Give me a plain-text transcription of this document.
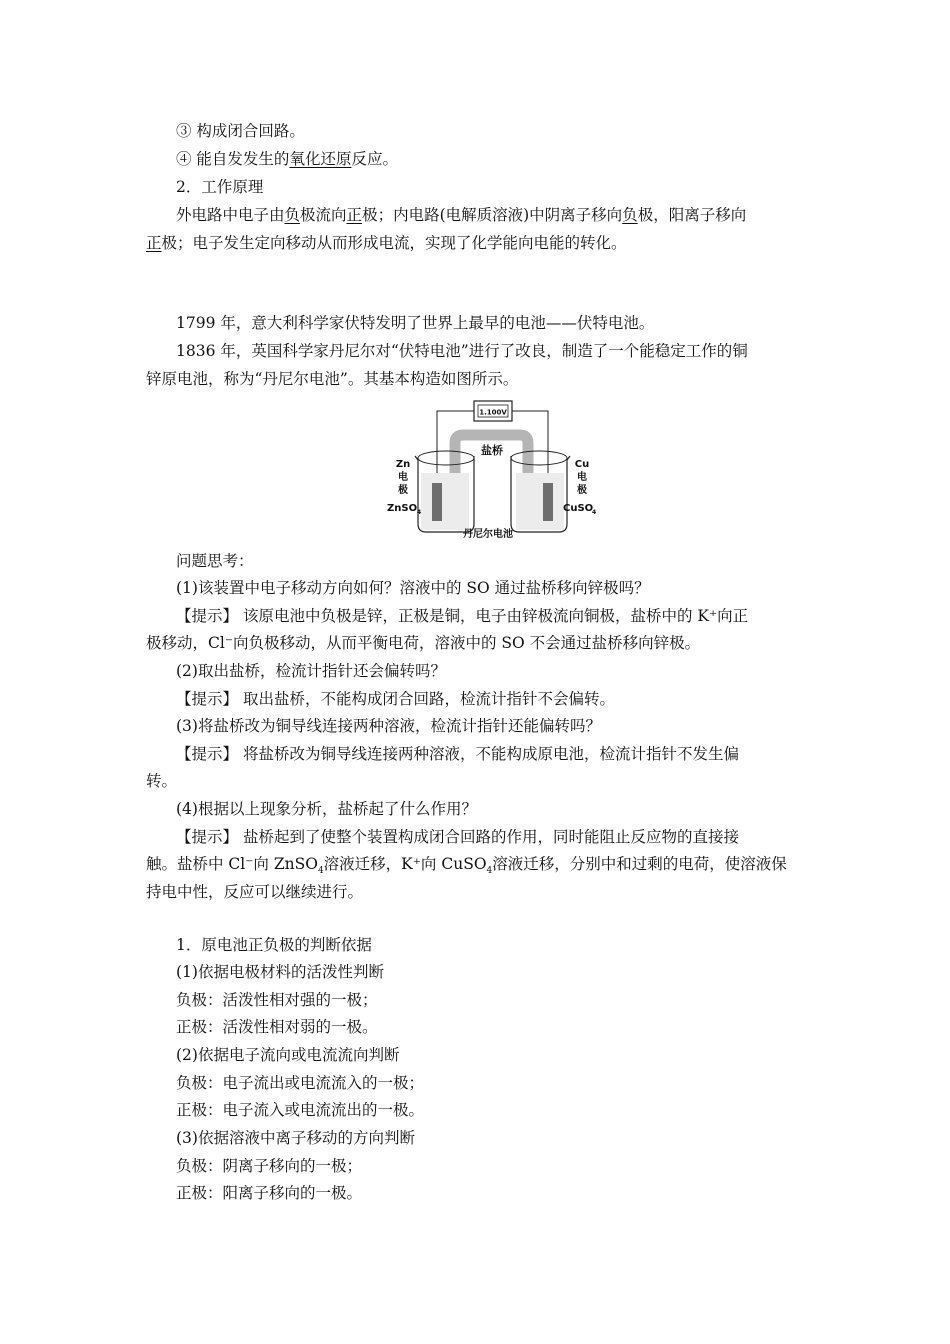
③ 构成闭合回路。
④ 能自发发生的氧化还原反应。
2．工作原理
外电路中电子由负极流向正极；内电路(电解质溶液)中阴离子移向负极，阳离子移向
正极；电子发生定向移动从而形成电流，实现了化学能向电能的转化。
1799 年，意大利科学家伏特发明了世界上最早的电池——伏特电池。
1836 年，英国科学家丹尼尔对“伏特电池”进行了改良，制造了一个能稳定工作的铜
锌原电池，称为“丹尼尔电池”。其基本构造如图所示。
1.100V
盐桥
Zn
电
极
Cu
电
极
ZnSO 4	CuSO
4
丹尼尔电池
问题思考：
(1)该装置中电子移动方向如何？溶液中的 SO 通过盐桥移向锌极吗？
【提示】 该原电池中负极是锌，正极是铜，电子由锌极流向铜极，盐桥中的 K⁺向正
极移动，Cl⁻向负极移动，从而平衡电荷，溶液中的 SO 不会通过盐桥移向锌极。
(2)取出盐桥，检流计指针还会偏转吗？
【提示】 取出盐桥，不能构成闭合回路，检流计指针不会偏转。
(3)将盐桥改为铜导线连接两种溶液，检流计指针还能偏转吗？
【提示】 将盐桥改为铜导线连接两种溶液，不能构成原电池，检流计指针不发生偏
转。
(4)根据以上现象分析，盐桥起了什么作用？
【提示】 盐桥起到了使整个装置构成闭合回路的作用，同时能阻止反应物的直接接
触。盐桥中 Cl⁻向 ZnSO$_4$溶液迁移，K⁺向 CuSO$_4$溶液迁移，分别中和过剩的电荷，使溶液保
持电中性，反应可以继续进行。
1．原电池正负极的判断依据
(1)依据电极材料的活泼性判断
负极：活泼性相对强的一极；
正极：活泼性相对弱的一极。
(2)依据电子流向或电流流向判断
负极：电子流出或电流流入的一极；
正极：电子流入或电流流出的一极。
(3)依据溶液中离子移动的方向判断
负极：阴离子移向的一极；
正极：阳离子移向的一极。
